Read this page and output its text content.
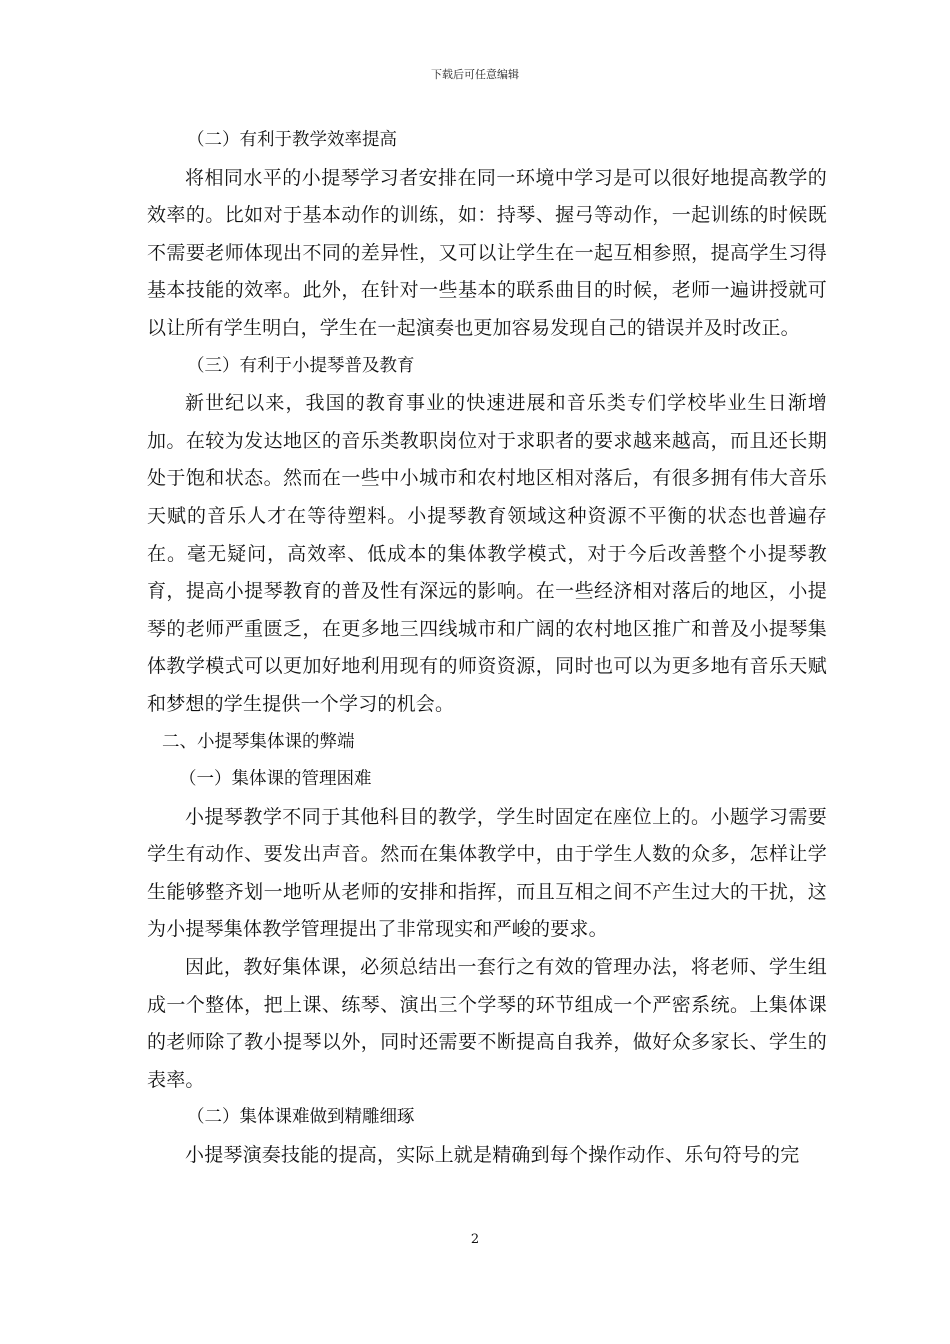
下载后可任意编辑

（二）有利于教学效率提高

将相同水平的小提琴学习者安排在同一环境中学习是可以很好地提高教学的效率的。比如对于基本动作的训练，如：持琴、握弓等动作，一起训练的时候既不需要老师体现出不同的差异性，又可以让学生在一起互相参照，提高学生习得基本技能的效率。此外，在针对一些基本的联系曲目的时候，老师一遍讲授就可以让所有学生明白，学生在一起演奏也更加容易发现自己的错误并及时改正。

（三）有利于小提琴普及教育

新世纪以来，我国的教育事业的快速进展和音乐类专们学校毕业生日渐增加。在较为发达地区的音乐类教职岗位对于求职者的要求越来越高，而且还长期处于饱和状态。然而在一些中小城市和农村地区相对落后，有很多拥有伟大音乐天赋的音乐人才在等待塑料。小提琴教育领域这种资源不平衡的状态也普遍存在。毫无疑问，高效率、低成本的集体教学模式，对于今后改善整个小提琴教育，提高小提琴教育的普及性有深远的影响。在一些经济相对落后的地区，小提琴的老师严重匮乏，在更多地三四线城市和广阔的农村地区推广和普及小提琴集体教学模式可以更加好地利用现有的师资资源，同时也可以为更多地有音乐天赋和梦想的学生提供一个学习的机会。

二、小提琴集体课的弊端

（一）集体课的管理困难

小提琴教学不同于其他科目的教学，学生时固定在座位上的。小题学习需要学生有动作、要发出声音。然而在集体教学中，由于学生人数的众多，怎样让学生能够整齐划一地听从老师的安排和指挥，而且互相之间不产生过大的干扰，这为小提琴集体教学管理提出了非常现实和严峻的要求。

因此，教好集体课，必须总结出一套行之有效的管理办法，将老师、学生组成一个整体，把上课、练琴、演出三个学琴的环节组成一个严密系统。上集体课的老师除了教小提琴以外，同时还需要不断提高自我养，做好众多家长、学生的表率。

（二）集体课难做到精雕细琢

小提琴演奏技能的提高，实际上就是精确到每个操作动作、乐句符号的完

2
